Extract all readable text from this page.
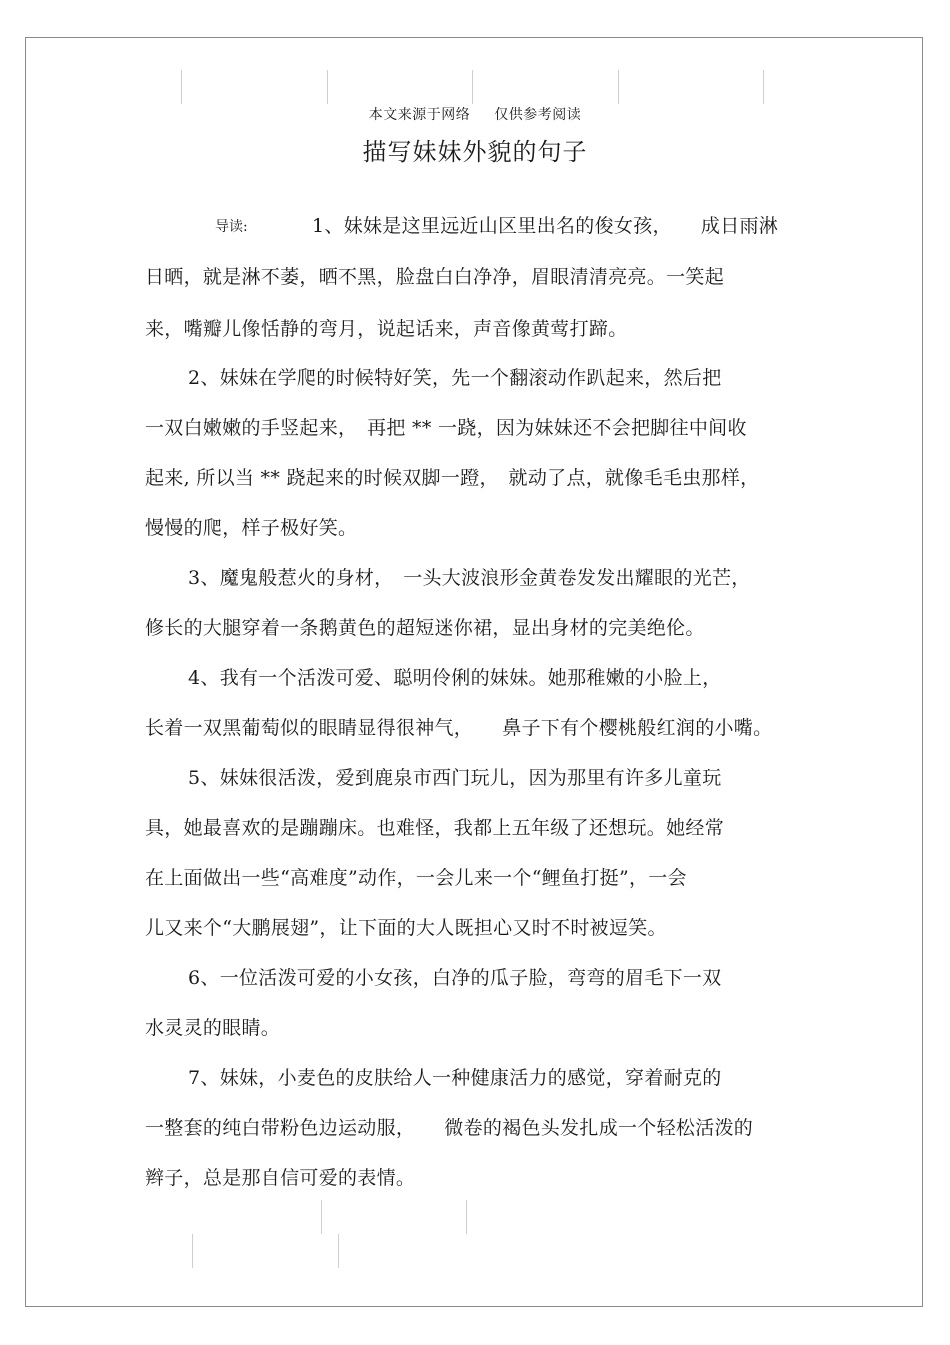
本文来源于网络 仅供参考阅读
描写妹妹外貌的句子
导读:	1、妹妹是这里远近山区里出名的俊女孩，　　成日雨淋
日晒，就是淋不萎，晒不黑，脸盘白白净净，眉眼清清亮亮。一笑起
来，嘴瓣儿像恬静的弯月，说起话来，声音像黄莺打蹄。
2、妹妹在学爬的时候特好笑，先一个翻滚动作趴起来，然后把
一双白嫩嫩的手竖起来，　再把 ** 一跷，因为妹妹还不会把脚往中间收
起来, 所以当 ** 跷起来的时候双脚一蹬，　就动了点，就像毛毛虫那样，
慢慢的爬，样子极好笑。
3、魔鬼般惹火的身材，　一头大波浪形金黄卷发发出耀眼的光芒，
修长的大腿穿着一条鹅黄色的超短迷你裙，显出身材的完美绝伦。
4、我有一个活泼可爱、聪明伶俐的妹妹。她那稚嫩的小脸上，
长着一双黑葡萄似的眼睛显得很神气，　　鼻子下有个樱桃般红润的小嘴。
5、妹妹很活泼，爱到鹿泉市西门玩儿，因为那里有许多儿童玩
具，她最喜欢的是蹦蹦床。也难怪，我都上五年级了还想玩。她经常
在上面做出一些“高难度”动作，一会儿来一个“鲤鱼打挺”，一会
儿又来个“大鹏展翅”，让下面的大人既担心又时不时被逗笑。
6、一位活泼可爱的小女孩，白净的瓜子脸，弯弯的眉毛下一双
水灵灵的眼睛。
7、妹妹，小麦色的皮肤给人一种健康活力的感觉，穿着耐克的
一整套的纯白带粉色边运动服，　　微卷的褐色头发扎成一个轻松活泼的
辫子，总是那自信可爱的表情。
